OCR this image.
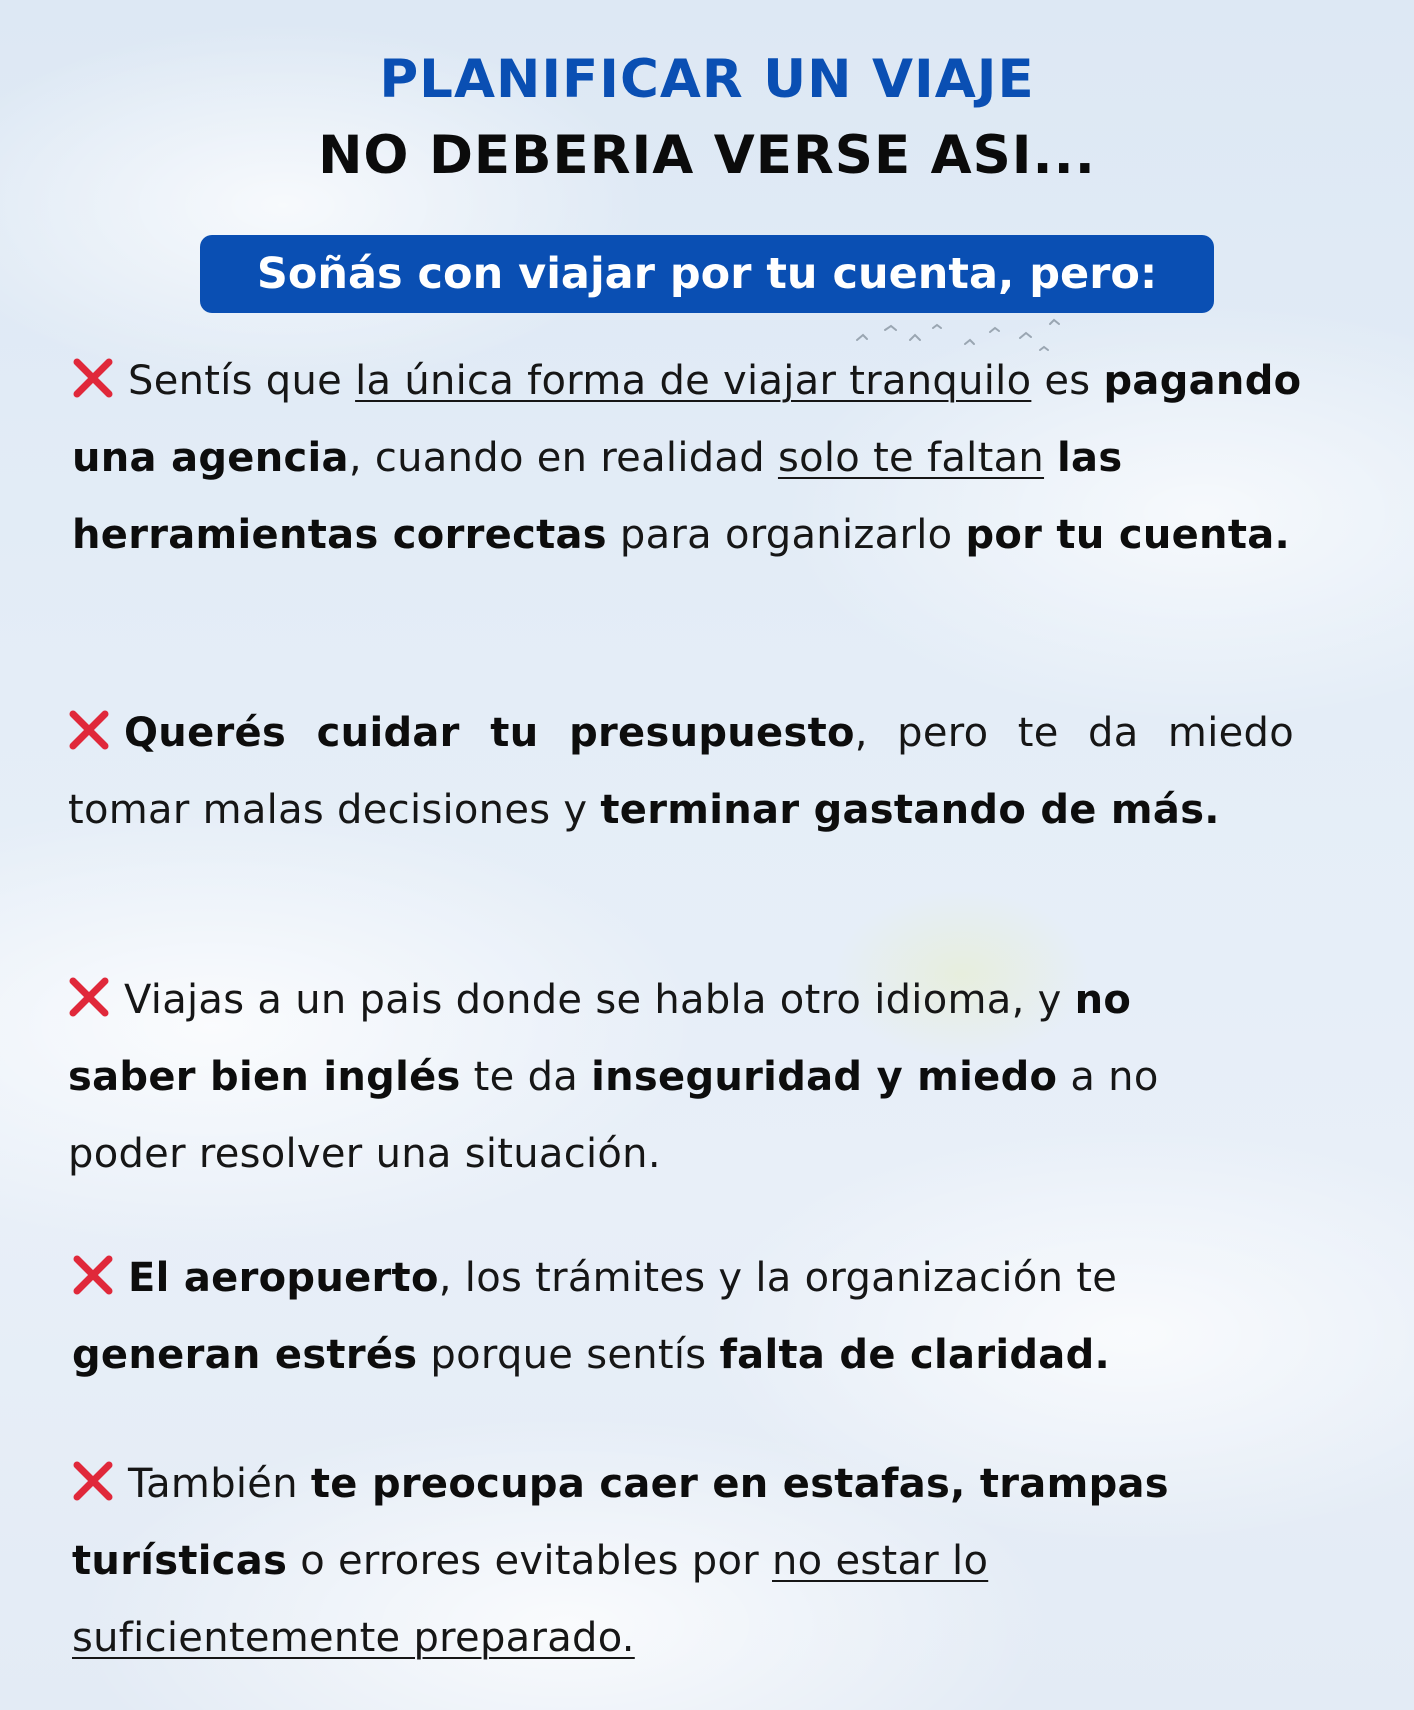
PLANIFICAR UN VIAJE
NO DEBERIA VERSE ASI...
Soñás con viajar por tu cuenta, pero:
Sentís que la única forma de viajar tranquilo es pagando una agencia, cuando en realidad solo te faltan las herramientas correctas para organizarlo por tu cuenta.
Querés cuidar tu presupuesto, pero te da miedo tomar malas decisiones y terminar gastando de más.
Viajas a un pais donde se habla otro idioma, y no saber bien inglés te da inseguridad y miedo a no poder resolver una situación.
El aeropuerto, los trámites y la organización te generan estrés porque sentís falta de claridad.
También te preocupa caer en estafas, trampas turísticas o errores evitables por no estar lo suficientemente preparado.
